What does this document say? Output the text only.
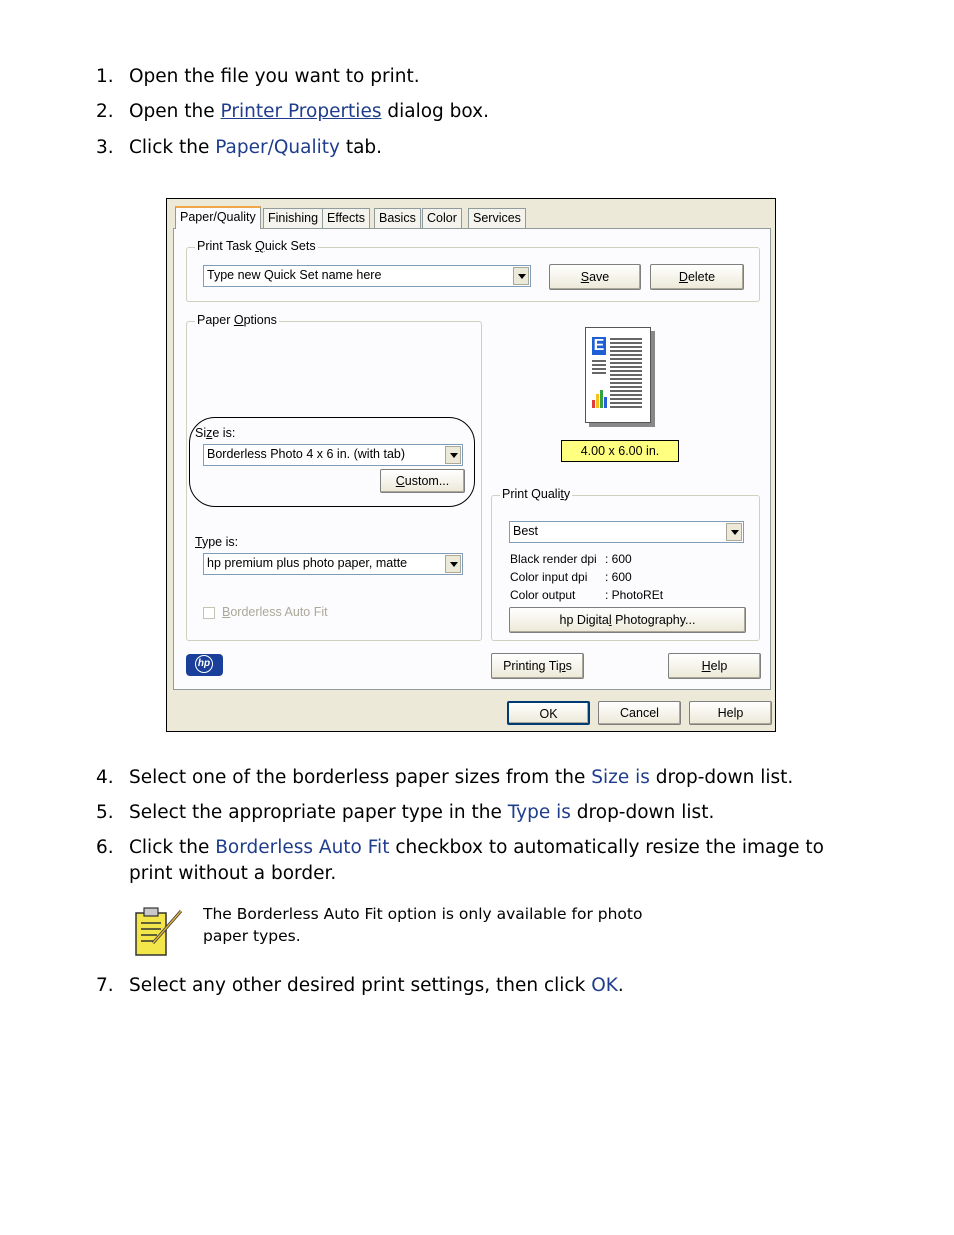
1. Open the file you want to print.
2. Open the Printer Properties dialog box.
3. Click the Paper/Quality tab.
Paper/Quality Finishing Effects	Basics Color	Services
Print Task Quick Sets
Type new Quick Set name here	Save	Delete
Paper Options
Size is:
Borderless Photo 4 x 6 in. (with tab)
Custom...
Type is:
hp premium plus photo paper, matte
Borderless Auto Fit
E
4.00 x 6.00 in.
Print Quality
Best
Black render dpi : 600
Color input dpi : 600
Color output : PhotoREt
hp Digital Photography...
hp	Printing Tips	Help
OK	Cancel	Help
4. Select one of the borderless paper sizes from the Size is drop-down list.
5. Select the appropriate paper type in the Type is drop-down list.
6. Click the Borderless Auto Fit checkbox to automatically resize the image to print without a border.
The Borderless Auto Fit option is only available for photo
paper types.
7. Select any other desired print settings, then click OK.
